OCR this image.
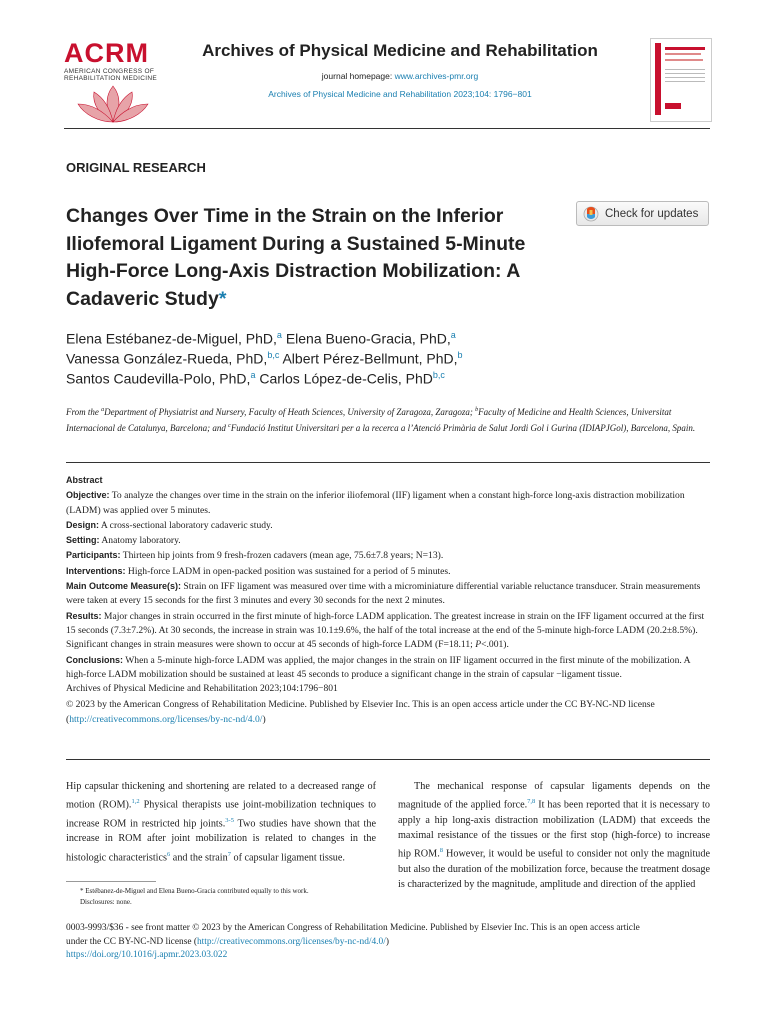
ACRM
AMERICAN CONGRESS OF
REHABILITATION MEDICINE
Archives of Physical Medicine and Rehabilitation
journal homepage: www.archives-pmr.org
Archives of Physical Medicine and Rehabilitation 2023;104: 1796−801
ORIGINAL RESEARCH
Changes Over Time in the Strain on the Inferior Iliofemoral Ligament During a Sustained 5-Minute High-Force Long-Axis Distraction Mobilization: A Cadaveric Study*
Check for updates
Elena Estébanez-de-Miguel, PhD,$^a$ Elena Bueno-Gracia, PhD,$^a$
Vanessa González-Rueda, PhD,$^{b,c}$ Albert Pérez-Bellmunt, PhD,$^b$
Santos Caudevilla-Polo, PhD,$^a$ Carlos López-de-Celis, PhD$^{b,c}$
From the $^a$Department of Physiatrist and Nursery, Faculty of Heath Sciences, University of Zaragoza, Zaragoza; $^b$Faculty of Medicine and Health Sciences, Universitat Internacional de Catalunya, Barcelona; and $^c$Fundació Institut Universitari per a la recerca a l’Atenció Primària de Salut Jordi Gol i Gurina (IDIAPJGol), Barcelona, Spain.

Abstract

Objective: To analyze the changes over time in the strain on the inferior iliofemoral (IIF) ligament when a constant high-force long-axis distraction mobilization (LADM) was applied over 5 minutes.

Design: A cross-sectional laboratory cadaveric study.

Setting: Anatomy laboratory.

Participants: Thirteen hip joints from 9 fresh-frozen cadavers (mean age, 75.6±7.8 years; N=13).

Interventions: High-force LADM in open-packed position was sustained for a period of 5 minutes.

Main Outcome Measure(s): Strain on IFF ligament was measured over time with a microminiature differential variable reluctance transducer. Strain measurements were taken at every 15 seconds for the first 3 minutes and every 30 seconds for the next 2 minutes.

Results: Major changes in strain occurred in the first minute of high-force LADM application. The greatest increase in strain on the IFF ligament occurred at the first 15 seconds (7.3±7.2%). At 30 seconds, the increase in strain was 10.1±9.6%, the half of the total increase at the end of the 5-minute high-force LADM (20.2±8.5%). Significant changes in strain measures were shown to occur at 45 seconds of high-force LADM (F=18.11; P<.001).

Conclusions: When a 5-minute high-force LADM was applied, the major changes in the strain on IIF ligament occurred in the first minute of the mobilization. A high-force LADM mobilization should be sustained at least 45 seconds to produce a significant change in the strain of capsular −ligament tissue.

Archives of Physical Medicine and Rehabilitation 2023;104:1796−801

© 2023 by the American Congress of Rehabilitation Medicine. Published by Elsevier Inc. This is an open access article under the CC BY-NC-ND license (http://creativecommons.org/licenses/by-nc-nd/4.0/)

Hip capsular thickening and shortening are related to a decreased range of motion (ROM).$^{1,2}$ Physical therapists use joint-mobilization techniques to increase ROM in restricted hip joints.$^{3-5}$ Two studies have shown that the increase in ROM after joint mobilization is related to changes in the histologic characteristics$^6$ and the strain$^7$ of capsular ligament tissue.
The mechanical response of capsular ligaments depends on the magnitude of the applied force.$^{7,8}$ It has been reported that it is necessary to apply a hip long-axis distraction mobilization (LADM) that exceeds the maximal resistance of the tissues or the first stop (high-force) to increase hip ROM.$^8$ However, it would be useful to consider not only the magnitude but also the duration of the mobilization force, because the treatment dosage is characterized by the magnitude, amplitude and direction of the applied
* Estébanez-de-Miguel and Elena Bueno-Gracia contributed equally to this work.
Disclosures: none.
0003-9993/$36 - see front matter © 2023 by the American Congress of Rehabilitation Medicine. Published by Elsevier Inc. This is an open access article
under the CC BY-NC-ND license (http://creativecommons.org/licenses/by-nc-nd/4.0/)
https://doi.org/10.1016/j.apmr.2023.03.022
